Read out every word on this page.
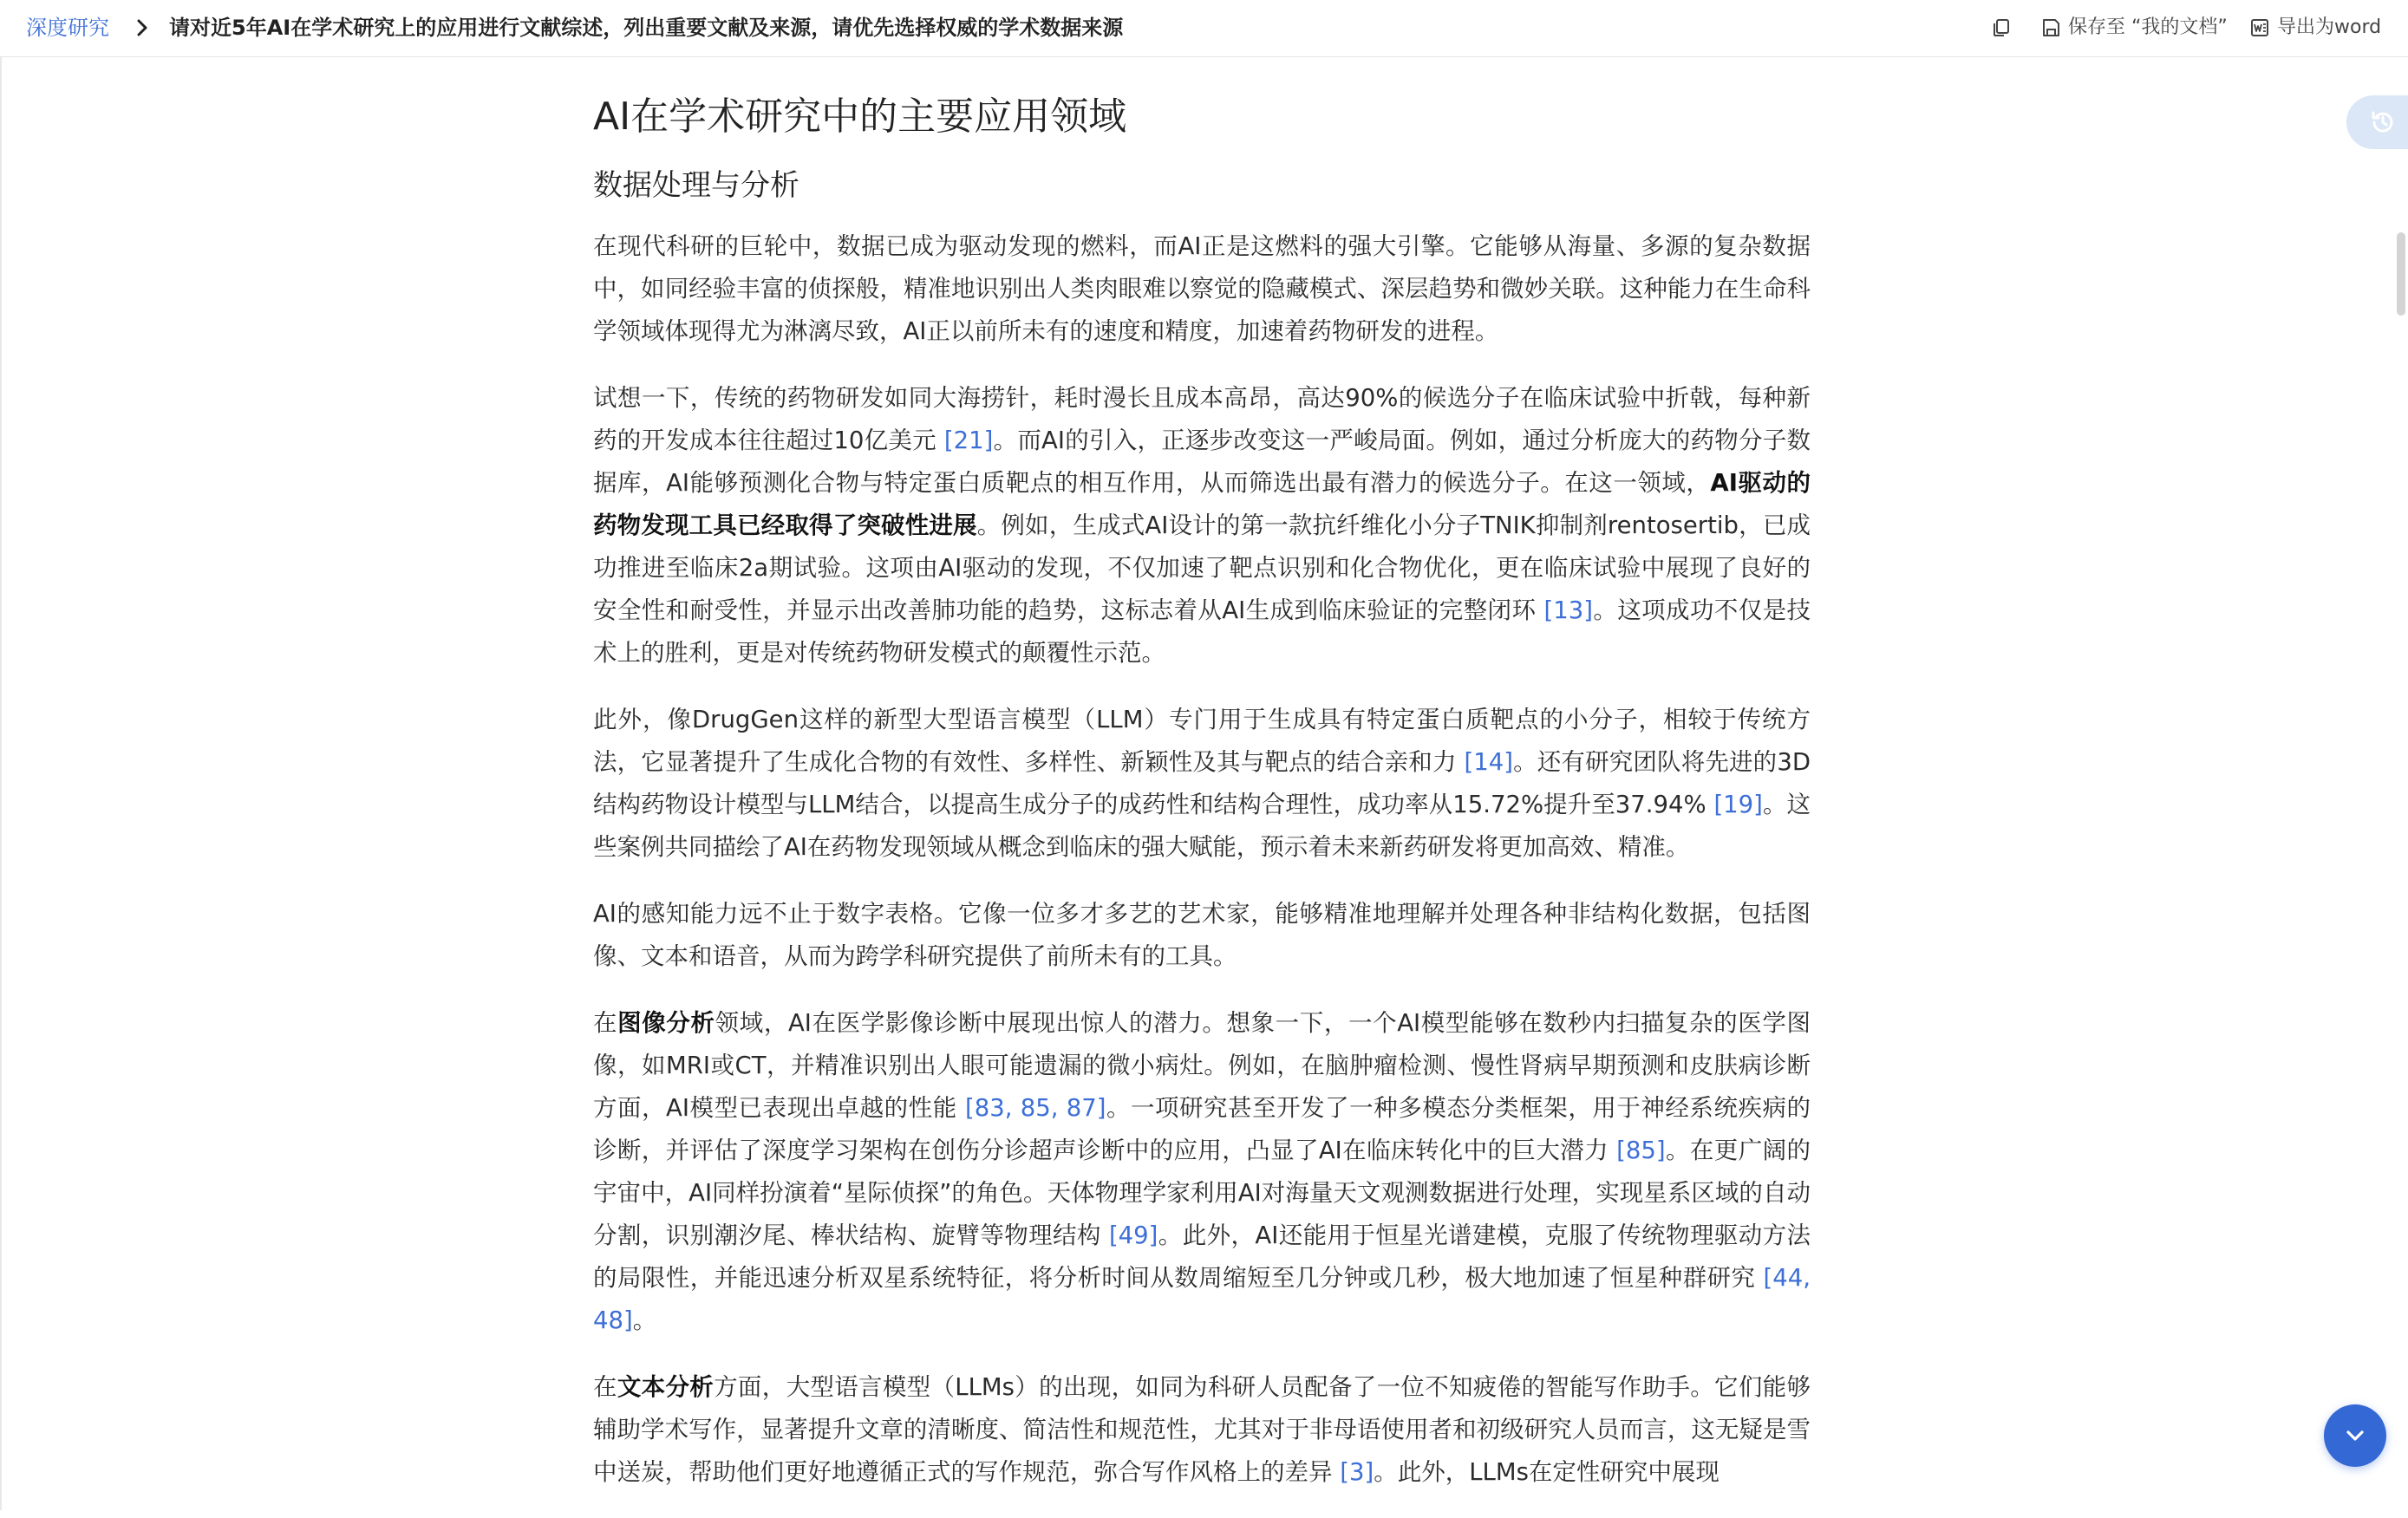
深度研究	请对近5年AI在学术研究上的应用进行文献综述，列出重要文献及来源，请优先选择权威的学术数据来源	保存至 “我的文档”	导出为word
AI在学术研究中的主要应用领域
数据处理与分析

在现代科研的巨轮中，数据已成为驱动发现的燃料，而AI正是这燃料的强大引擎。它能够从海量、多源的复杂数据中，如同经验丰富的侦探般，精准地识别出人类肉眼难以察觉的隐藏模式、深层趋势和微妙关联。这种能力在生命科学领域体现得尤为淋漓尽致，AI正以前所未有的速度和精度，加速着药物研发的进程。

试想一下，传统的药物研发如同大海捞针，耗时漫长且成本高昂，高达90%的候选分子在临床试验中折戟，每种新药的开发成本往往超过10亿美元 [21]。而AI的引入，正逐步改变这一严峻局面。例如，通过分析庞大的药物分子数据库，AI能够预测化合物与特定蛋白质靶点的相互作用，从而筛选出最有潜力的候选分子。在这一领域，AI驱动的药物发现工具已经取得了突破性进展。例如，生成式AI设计的第一款抗纤维化小分子TNIK抑制剂rentosertib，已成功推进至临床2a期试验。这项由AI驱动的发现，不仅加速了靶点识别和化合物优化，更在临床试验中展现了良好的安全性和耐受性，并显示出改善肺功能的趋势，这标志着从AI生成到临床验证的完整闭环 [13]。这项成功不仅是技术上的胜利，更是对传统药物研发模式的颠覆性示范。

此外，像DrugGen这样的新型大型语言模型（LLM）专门用于生成具有特定蛋白质靶点的小分子，相较于传统方法，它显著提升了生成化合物的有效性、多样性、新颖性及其与靶点的结合亲和力 [14]。还有研究团队将先进的3D结构药物设计模型与LLM结合，以提高生成分子的成药性和结构合理性，成功率从15.72%提升至37.94% [19]。这些案例共同描绘了AI在药物发现领域从概念到临床的强大赋能，预示着未来新药研发将更加高效、精准。

AI的感知能力远不止于数字表格。它像一位多才多艺的艺术家，能够精准地理解并处理各种非结构化数据，包括图像、文本和语音，从而为跨学科研究提供了前所未有的工具。

在图像分析领域，AI在医学影像诊断中展现出惊人的潜力。想象一下，一个AI模型能够在数秒内扫描复杂的医学图像，如MRI或CT，并精准识别出人眼可能遗漏的微小病灶。例如，在脑肿瘤检测、慢性肾病早期预测和皮肤病诊断方面，AI模型已表现出卓越的性能 [83, 85, 87]。一项研究甚至开发了一种多模态分类框架，用于神经系统疾病的诊断，并评估了深度学习架构在创伤分诊超声诊断中的应用，凸显了AI在临床转化中的巨大潜力 [85]。在更广阔的宇宙中，AI同样扮演着“星际侦探”的角色。天体物理学家利用AI对海量天文观测数据进行处理，实现星系区域的自动分割，识别潮汐尾、棒状结构、旋臂等物理结构 [49]。此外，AI还能用于恒星光谱建模，克服了传统物理驱动方法的局限性，并能迅速分析双星系统特征，将分析时间从数周缩短至几分钟或几秒，极大地加速了恒星种群研究 [44, 48]。

在文本分析方面，大型语言模型（LLMs）的出现，如同为科研人员配备了一位不知疲倦的智能写作助手。它们能够辅助学术写作，显著提升文章的清晰度、简洁性和规范性，尤其对于非母语使用者和初级研究人员而言，这无疑是雪中送炭，帮助他们更好地遵循正式的写作规范，弥合写作风格上的差异 [3]。此外，LLMs在定性研究中展现
